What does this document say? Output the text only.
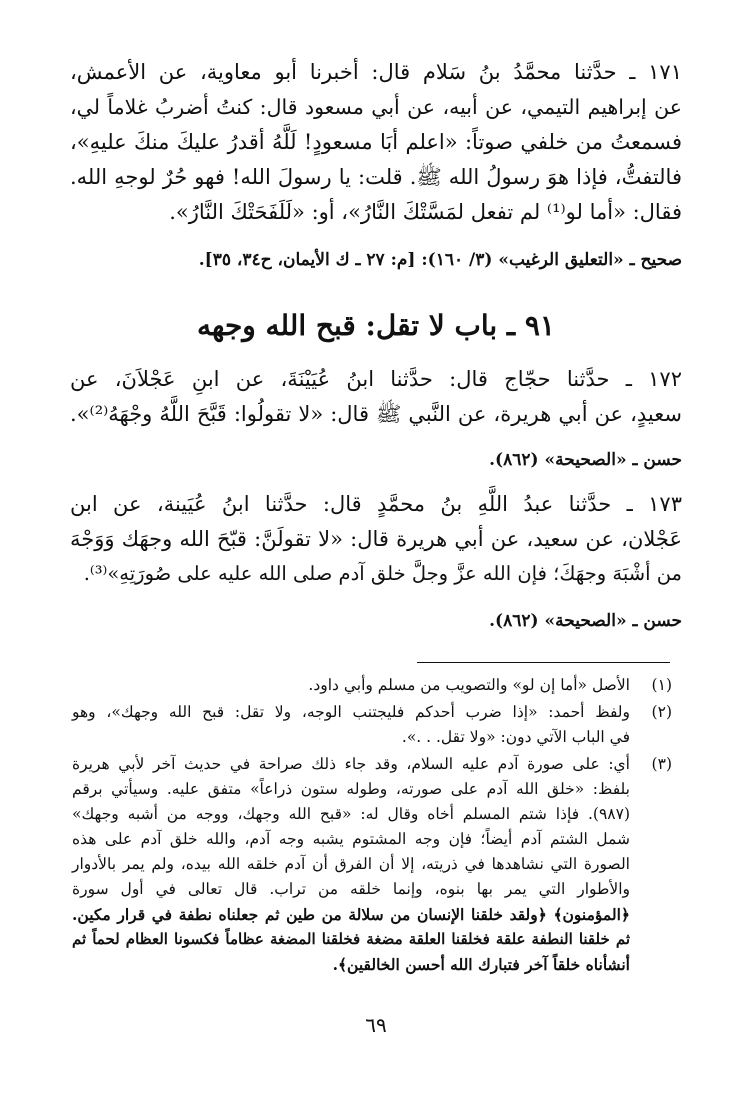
١٧١ ـ حدَّثنا محمَّدُ بنُ سَلام قال: أخبرنا أبو معاوية، عن الأعمش،
عن إبراهيم التيمي، عن أبيه، عن أبي مسعود قال: كنتُ أضربُ غلاماً لي،
فسمعتُ من خلفي صوتاً: «اعلم أبَا مسعودٍ! لَلَّهُ أقدرُ عليكَ منكَ عليهِ»،
فالتفتُّ، فإذا هوَ رسولُ الله ﷺ. قلت: يا رسولَ الله! فهو حُرٌ لوجهِ الله.
فقال: «أما لو⁽¹⁾ لم تفعل لمَسَّتْكَ النَّارُ»، أو: «لَلَفَحَتْكَ النَّارُ».
صحيح ـ «التعليق الرغيب» (٣/ ١٦٠): [م: ٢٧ ـ ك الأيمان، ح٣٤، ٣٥].
٩١ ـ باب لا تقل: قبح الله وجهه
١٧٢ ـ حدَّثنا حجّاج قال: حدَّثنا ابنُ عُيَيْنَةَ، عن ابنِ عَجْلاَنَ، عن
سعيدٍ، عن أبي هريرة، عن النَّبي ﷺ قال: «لا تقولُوا: قَبَّحَ اللَّهُ وجْهَهُ⁽²⁾».
حسن ـ «الصحيحة» (٨٦٢).
١٧٣ ـ حدَّثنا عبدُ اللَّهِ بنُ محمَّدٍ قال: حدَّثنا ابنُ عُيَينة، عن ابن
عَجْلان، عن سعيد، عن أبي هريرة قال: «لا تقولَنَّ: قبّحَ الله وجهَك وَوَجْهَ
من أشْبَهَ وجهَكَ؛ فإن الله عزَّ وجلَّ خلق آدم صلى الله عليه على صُورَتِهِ»⁽³⁾.
حسن ـ «الصحيحة» (٨٦٢).
(١)
الأصل «أما إن لو» والتصويب من مسلم وأبي داود.
(٢)
ولفظ أحمد: «إذا ضرب أحدكم فليجتنب الوجه، ولا تقل: قبح الله وجهك»، وهو
في الباب الآتي دون: «ولا تقل. . .».
(٣)
أي: على صورة آدم عليه السلام، وقد جاء ذلك صراحة في حديث آخر لأبي هريرة
بلفظ: «خلق الله آدم على صورته، وطوله ستون ذراعاً» متفق عليه. وسيأتي برقم
(٩٨٧). فإذا شتم المسلم أخاه وقال له: «قبح الله وجهك، ووجه من أشبه وجهك»
شمل الشتم آدم أيضاً؛ فإن وجه المشتوم يشبه وجه آدم، والله خلق آدم على هذه
الصورة التي نشاهدها في ذريته، إلا أن الفرق أن آدم خلقه الله بيده، ولم يمر بالأدوار
والأطوار التي يمر بها بنوه، وإنما خلقه من تراب. قال تعالى في أول سورة
﴿المؤمنون﴾ ﴿ولقد خلقنا الإنسان من سلالة من طين ثم جعلناه نطفة في قرار مكين.
ثم خلقنا النطفة علقة فخلقنا العلقة مضغة فخلقنا المضغة عظاماً فكسونا العظام لحماً ثم
أنشأناه خلقاً آخر فتبارك الله أحسن الخالقين﴾.
٦٩
